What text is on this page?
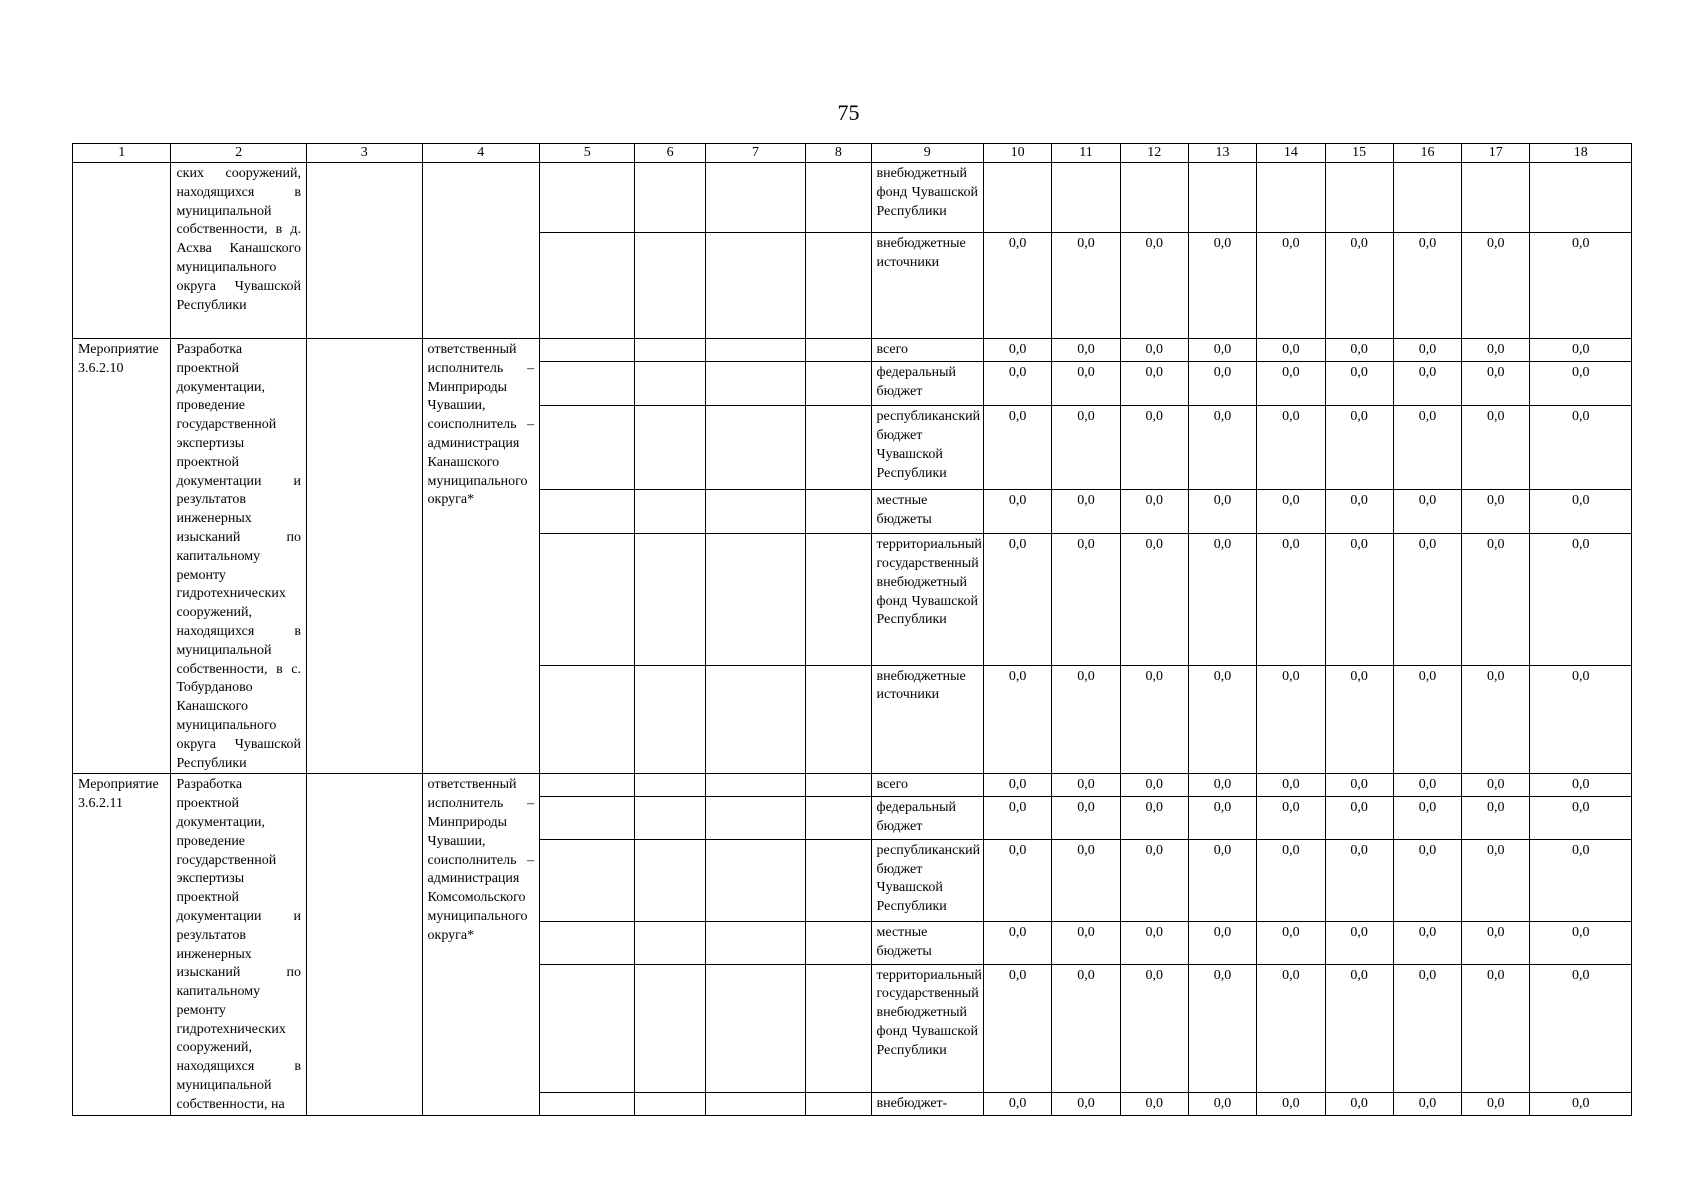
75
1	2	3	4	5	6	7	8	9	10	11	12	13	14	15	16	17	18
	ских сооружений, находящихся в муниципальной собственности, в д. Асхва Канашского муниципального округа Чувашской Республики							внебюджетный фонд Чувашской Республики									
								внебюджетные источники	0,0	0,0	0,0	0,0	0,0	0,0	0,0	0,0	0,0
Мероприятие 3.6.2.10	Разработка проектной документации, проведение государственной экспертизы проектной документации и результатов инженерных изысканий по капитальному ремонту гидротехнических сооружений, находящихся в муниципальной собственности, в с. Тобурданово Канашского муниципального округа Чувашской Республики		ответственный исполнитель – Минприроды Чувашии, соисполнитель – администрация Канашского муниципального округа*					всего	0,0	0,0	0,0	0,0	0,0	0,0	0,0	0,0	0,0
								федеральный бюджет	0,0	0,0	0,0	0,0	0,0	0,0	0,0	0,0	0,0
								республиканский бюджет Чувашской Республики	0,0	0,0	0,0	0,0	0,0	0,0	0,0	0,0	0,0
								местные бюджеты	0,0	0,0	0,0	0,0	0,0	0,0	0,0	0,0	0,0
								территориальный государственный внебюджетный фонд Чувашской Республики	0,0	0,0	0,0	0,0	0,0	0,0	0,0	0,0	0,0
								внебюджетные источники	0,0	0,0	0,0	0,0	0,0	0,0	0,0	0,0	0,0
Мероприятие 3.6.2.11	Разработка проектной документации, проведение государственной экспертизы проектной документации и результатов инженерных изысканий по капитальному ремонту гидротехнических сооружений, находящихся в муниципальной собственности, на		ответственный исполнитель – Минприроды Чувашии, соисполнитель – администрация Комсомольского муниципального округа*					всего	0,0	0,0	0,0	0,0	0,0	0,0	0,0	0,0	0,0
								федеральный бюджет	0,0	0,0	0,0	0,0	0,0	0,0	0,0	0,0	0,0
								республиканский бюджет Чувашской Республики	0,0	0,0	0,0	0,0	0,0	0,0	0,0	0,0	0,0
								местные бюджеты	0,0	0,0	0,0	0,0	0,0	0,0	0,0	0,0	0,0
								территориальный государственный внебюджетный фонд Чувашской Республики	0,0	0,0	0,0	0,0	0,0	0,0	0,0	0,0	0,0
								внебюджет-	0,0	0,0	0,0	0,0	0,0	0,0	0,0	0,0	0,0
